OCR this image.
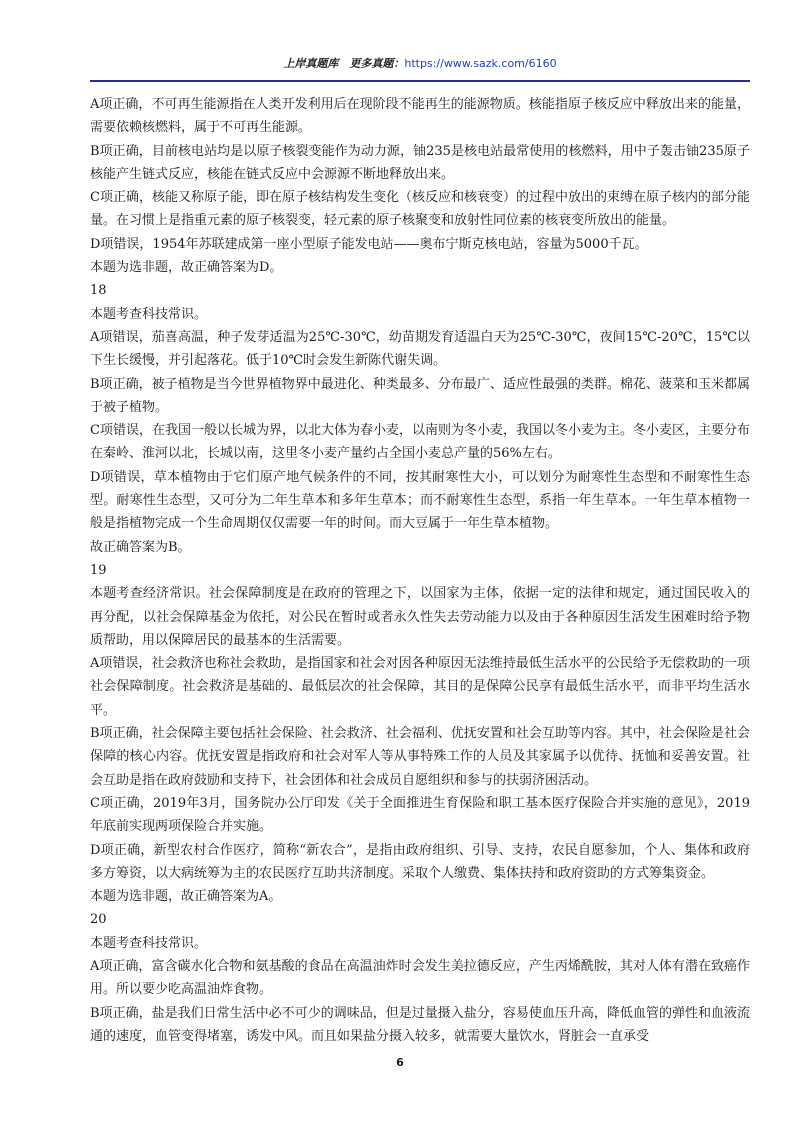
上岸真题库　更多真题：https://www.sazk.com/6160

A项正确，不可再生能源指在人类开发利用后在现阶段不能再生的能源物质。核能指原子核反应中释放出来的能量，需要依赖核燃料，属于不可再生能源。

B项正确，目前核电站均是以原子核裂变能作为动力源，铀235是核电站最常使用的核燃料，用中子轰击铀235原子核能产生链式反应，核能在链式反应中会源源不断地释放出来。

C项正确，核能又称原子能，即在原子核结构发生变化（核反应和核衰变）的过程中放出的束缚在原子核内的部分能量。在习惯上是指重元素的原子核裂变，轻元素的原子核聚变和放射性同位素的核衰变所放出的能量。

D项错误，1954年苏联建成第一座小型原子能发电站——奥布宁斯克核电站，容量为5000千瓦。

本题为选非题，故正确答案为D。

18

本题考查科技常识。

A项错误，茄喜高温，种子发芽适温为25℃-30℃，幼苗期发育适温白天为25℃-30℃，夜间15℃-20℃，15℃以下生长缓慢，并引起落花。低于10℃时会发生新陈代谢失调。

B项正确，被子植物是当今世界植物界中最进化、种类最多、分布最广、适应性最强的类群。棉花、菠菜和玉米都属于被子植物。

C项错误，在我国一般以长城为界，以北大体为春小麦，以南则为冬小麦，我国以冬小麦为主。冬小麦区，主要分布在秦岭、淮河以北，长城以南，这里冬小麦产量约占全国小麦总产量的56%左右。

D项错误，草本植物由于它们原产地气候条件的不同，按其耐寒性大小，可以划分为耐寒性生态型和不耐寒性生态型。耐寒性生态型，又可分为二年生草本和多年生草本；而不耐寒性生态型，系指一年生草本。一年生草本植物一般是指植物完成一个生命周期仅仅需要一年的时间。而大豆属于一年生草本植物。

故正确答案为B。

19

本题考查经济常识。社会保障制度是在政府的管理之下，以国家为主体，依据一定的法律和规定，通过国民收入的再分配，以社会保障基金为依托，对公民在暂时或者永久性失去劳动能力以及由于各种原因生活发生困难时给予物质帮助，用以保障居民的最基本的生活需要。

A项错误，社会救济也称社会救助，是指国家和社会对因各种原因无法维持最低生活水平的公民给予无偿救助的一项社会保障制度。社会救济是基础的、最低层次的社会保障，其目的是保障公民享有最低生活水平，而非平均生活水平。

B项正确，社会保障主要包括社会保险、社会救济、社会福利、优抚安置和社会互助等内容。其中，社会保险是社会保障的核心内容。优抚安置是指政府和社会对军人等从事特殊工作的人员及其家属予以优待、抚恤和妥善安置。社会互助是指在政府鼓励和支持下，社会团体和社会成员自愿组织和参与的扶弱济困活动。

C项正确，2019年3月，国务院办公厅印发《关于全面推进生育保险和职工基本医疗保险合并实施的意见》，2019年底前实现两项保险合并实施。

D项正确，新型农村合作医疗，简称“新农合”，是指由政府组织、引导、支持，农民自愿参加，个人、集体和政府多方筹资，以大病统筹为主的农民医疗互助共济制度。采取个人缴费、集体扶持和政府资助的方式筹集资金。

本题为选非题，故正确答案为A。

20

本题考查科技常识。

A项正确，富含碳水化合物和氨基酸的食品在高温油炸时会发生美拉德反应，产生丙烯酰胺，其对人体有潜在致癌作用。所以要少吃高温油炸食物。

B项正确，盐是我们日常生活中必不可少的调味品，但是过量摄入盐分，容易使血压升高，降低血管的弹性和血液流通的速度，血管变得堵塞，诱发中风。而且如果盐分摄入较多，就需要大量饮水，肾脏会一直承受

6
